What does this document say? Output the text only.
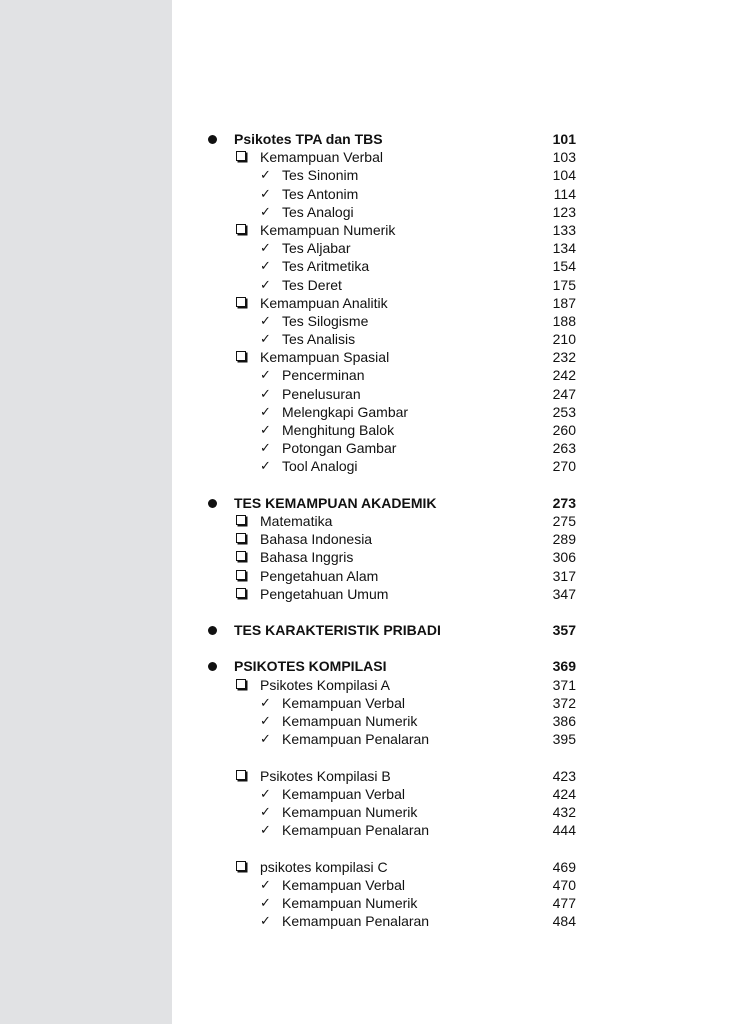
Psikotes TPA dan TBS	101
Kemampuan Verbal	103
✓ Tes Sinonim	104
✓ Tes Antonim	114
✓ Tes Analogi	123
Kemampuan Numerik	133
✓ Tes Aljabar	134
✓ Tes Aritmetika	154
✓ Tes Deret	175
Kemampuan Analitik	187
✓ Tes Silogisme	188
✓ Tes Analisis	210
Kemampuan Spasial	232
✓ Pencerminan	242
✓ Penelusuran	247
✓ Melengkapi Gambar	253
✓ Menghitung Balok	260
✓ Potongan Gambar	263
✓ Tool Analogi	270
TES KEMAMPUAN AKADEMIK	273
Matematika	275
Bahasa Indonesia	289
Bahasa Inggris	306
Pengetahuan Alam	317
Pengetahuan Umum	347
TES KARAKTERISTIK PRIBADI	357
PSIKOTES KOMPILASI	369
Psikotes Kompilasi A	371
✓ Kemampuan Verbal	372
✓ Kemampuan Numerik	386
✓ Kemampuan Penalaran	395
Psikotes Kompilasi B	423
✓ Kemampuan Verbal	424
✓ Kemampuan Numerik	432
✓ Kemampuan Penalaran	444
psikotes kompilasi C	469
✓ Kemampuan Verbal	470
✓ Kemampuan Numerik	477
✓ Kemampuan Penalaran	484
